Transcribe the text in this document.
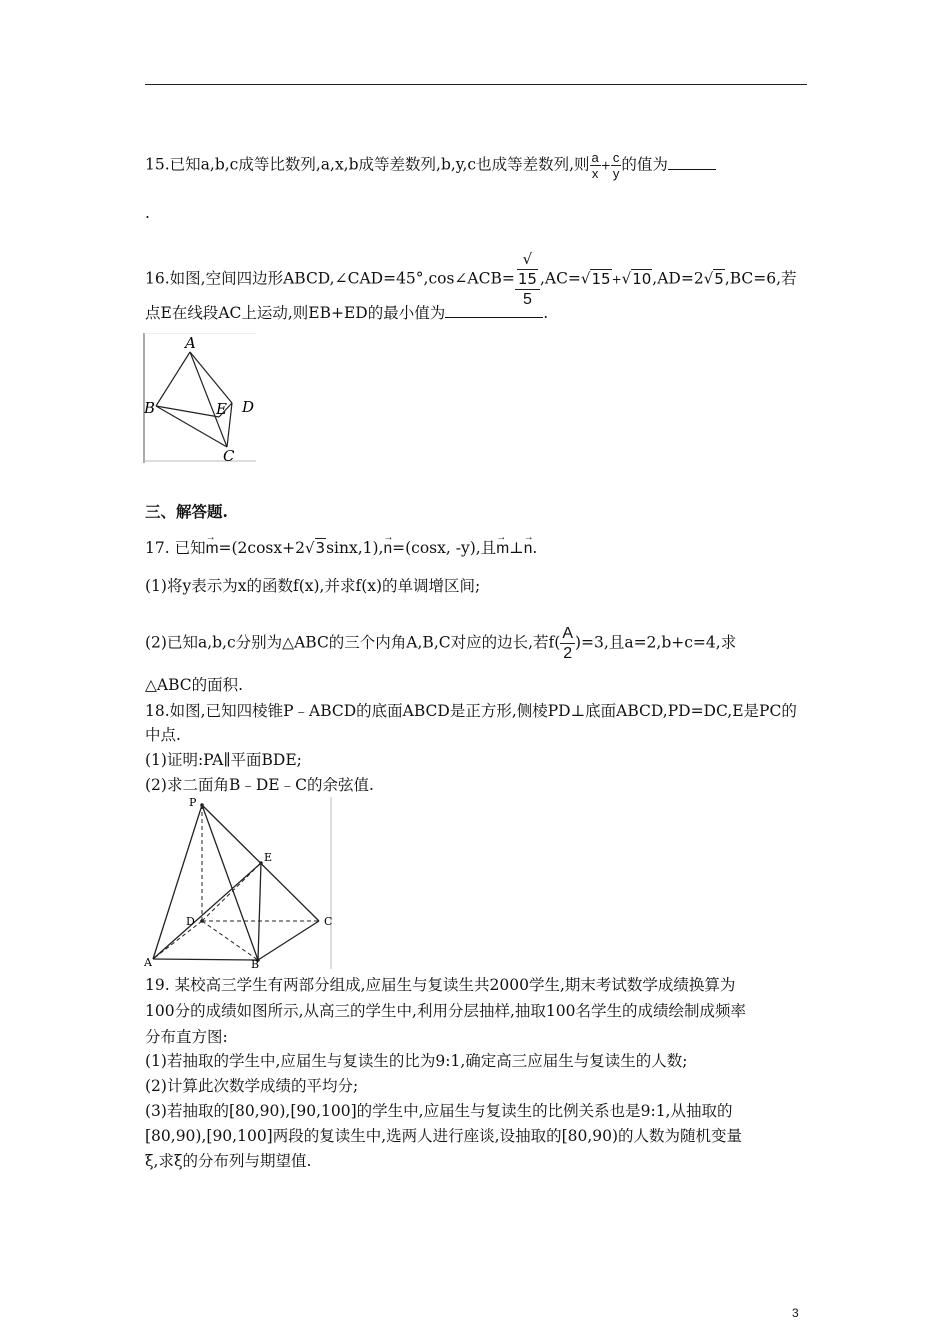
15.已知a,b,c成等比数列,a,x,b成等差数列,b,y,c也成等差数列,则 $\frac{a}{x} + \frac{c}{y}$ 的值为
.
16.如图,空间四边形ABCD,∠CAD=45°,cos∠ACB= √
15
5 ,AC=√15+√10,AD=2√5,BC=6,若
点E在线段AC上运动,则EB+ED的最小值为	.
A
B	E D
C
三、解答题.
17. 已知→ m=(2cosx+2√3sinx,1),→ n=(cosx, -y),且→ m⊥→ n.
(1)将y表示为x的函数f(x),并求f(x)的单调增区间;
(2)已知a,b,c分别为△ABC的三个内角A,B,C对应的边长,若$f( \frac{A}{2} )=3$,且a=2,b+c=4,求
△ABC的面积.
18.如图,已知四棱锥P﹣ABCD的底面ABCD是正方形,侧棱PD⊥底面ABCD,PD=DC,E是PC的
中点.
(1)证明:PA∥平面BDE;
(2)求二面角B﹣DE﹣C的余弦值.
P
E
D	C
A	B
19. 某校高三学生有两部分组成,应届生与复读生共2000学生,期末考试数学成绩换算为
100分的成绩如图所示,从高三的学生中,利用分层抽样,抽取100名学生的成绩绘制成频率
分布直方图:
(1)若抽取的学生中,应届生与复读生的比为9:1,确定高三应届生与复读生的人数;
(2)计算此次数学成绩的平均分;
(3)若抽取的[80,90),[90,100]的学生中,应届生与复读生的比例关系也是9:1,从抽取的
[80,90),[90,100]两段的复读生中,选两人进行座谈,设抽取的[80,90)的人数为随机变量
ξ,求ξ的分布列与期望值.
3
